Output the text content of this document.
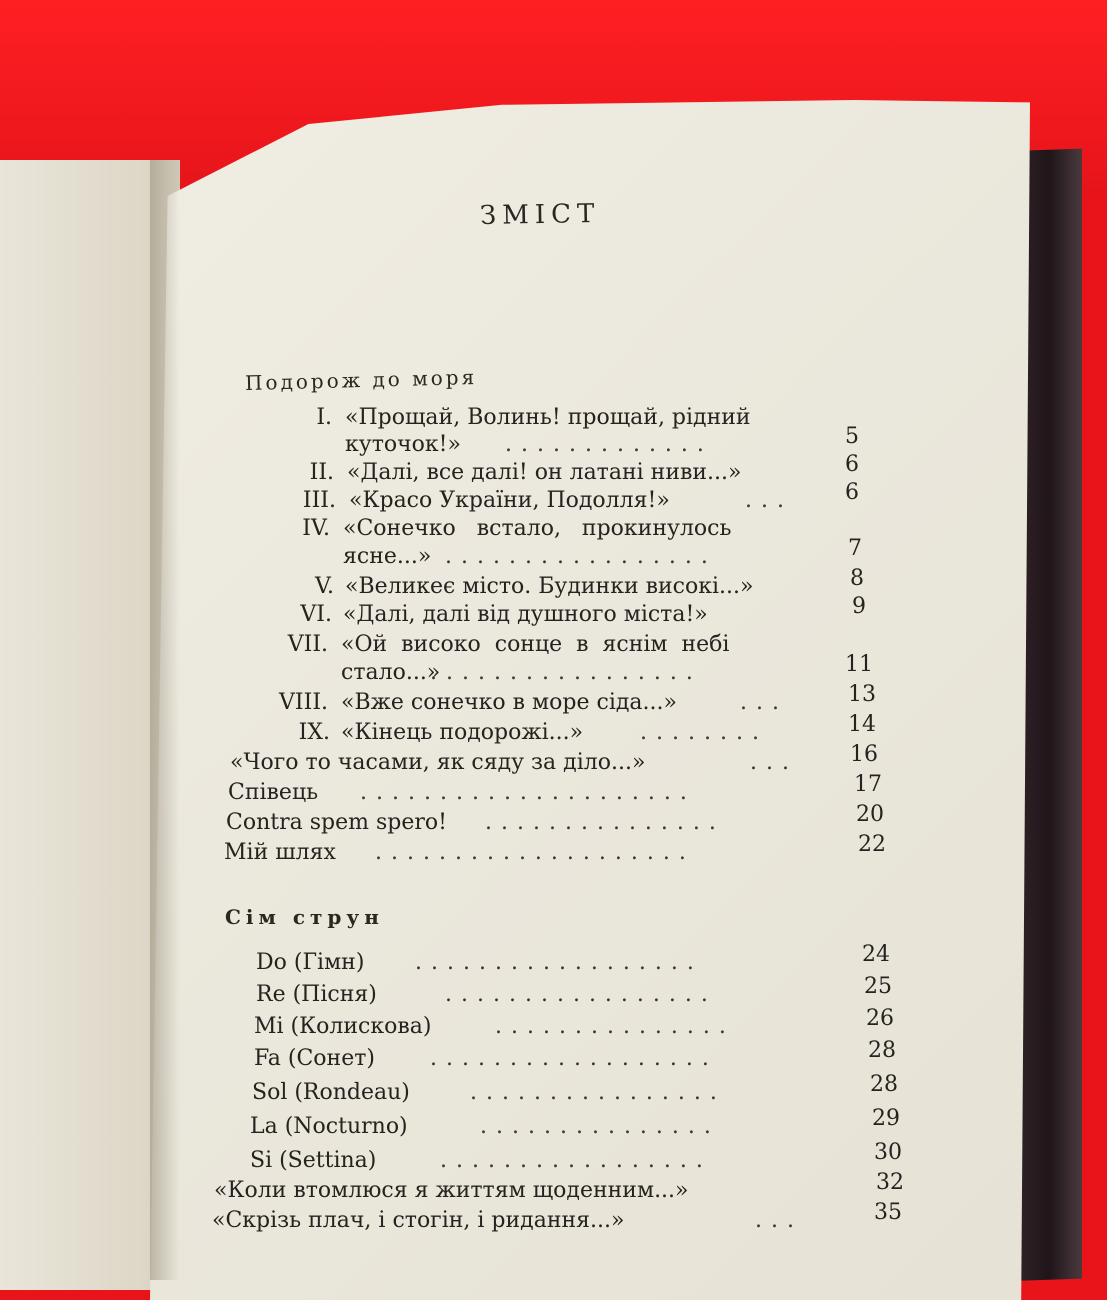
ЗМІСТ
Подорож до моря
I. «Прощай, Волинь! прощай, рідний
куточок!» .............	5
II. «Далі, все далі! он латані ниви...»	6
III. «Красо України, Подолля!»	... 6
IV. «Сонечко   встало,   прокинулось
ясне...» .................	7
V. «Великеє місто. Будинки високі...»	8
VI. «Далі, далі від душного міста!»	9
VII. «Ой  високо  сонце  в  яснім  небі
стало...»
.................	11
VIII. «Вже сонечко в море сіда...»	...	13
IX. «Кінець подорожі...»	........	14
«Чого то часами, як сяду за діло...»	... 16
Співець .....................	17
Contra spem spero! ...............	20
Мій шлях ....................	22
Do (Гімн) ..................	24
Re (Пісня)	.................	25
Mi (Колискова)	...............	26
Fa (Сонет)	..................	28
Sol (Rondeau)	................	28
La (Nocturno)	...............	29
Si (Settina)	.................	30
«Коли втомлюся я життям щоденним...»	32
«Скрізь плач, і стогін, і ридання...»	...	35
Сім струн
